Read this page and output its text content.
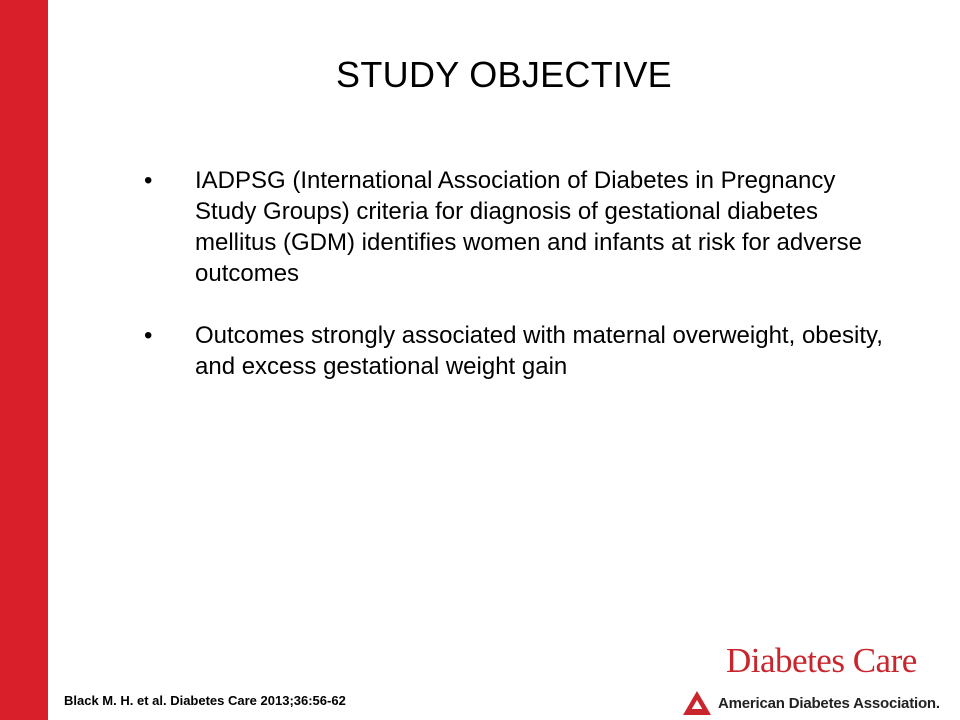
STUDY OBJECTIVE
• IADPSG (International Association of Diabetes in Pregnancy Study Groups) criteria for diagnosis of gestational diabetes mellitus (GDM) identifies women and infants at risk for adverse outcomes
• Outcomes strongly associated with maternal overweight, obesity, and excess gestational weight gain
Black M. H. et al. Diabetes Care 2013;36:56-62
Diabetes Care
American Diabetes Association.
